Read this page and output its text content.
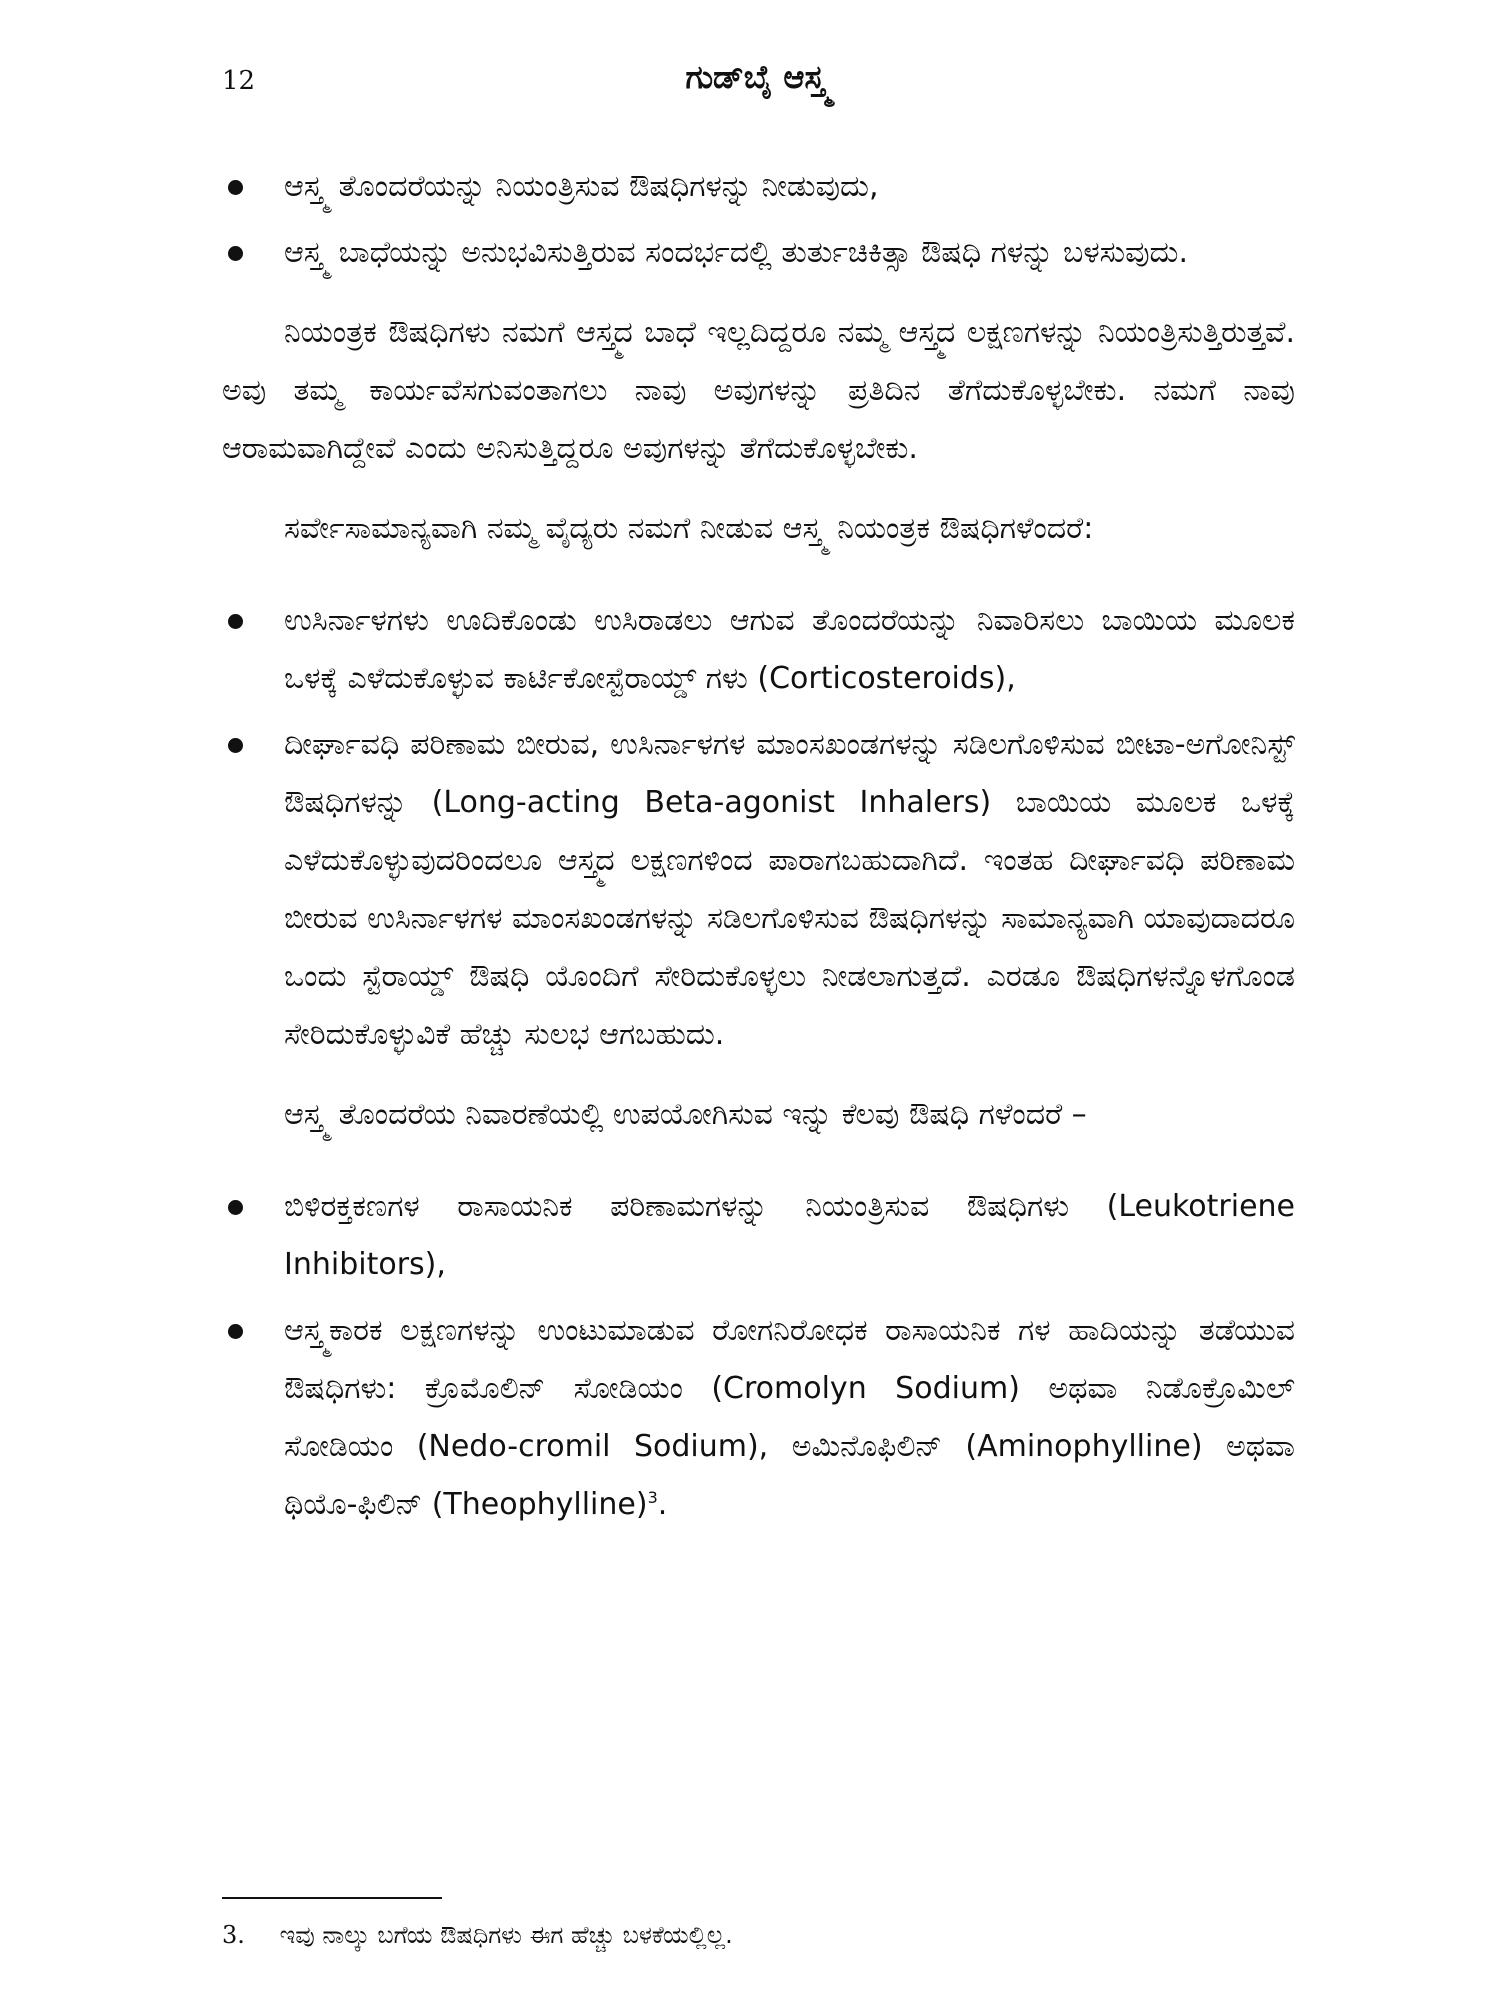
12	ಗುಡ್‌ಬೈ ಆಸ್ತ್ಮ
ಆಸ್ತ್ಮ ತೊಂದರೆಯನ್ನು ನಿಯಂತ್ರಿಸುವ ಔಷಧಿಗಳನ್ನು ನೀಡುವುದು,
ಆಸ್ತ್ಮ ಬಾಧೆಯನ್ನು ಅನುಭವಿಸುತ್ತಿರುವ ಸಂದರ್ಭದಲ್ಲಿ ತುರ್ತುಚಿಕಿತ್ಸಾ ಔಷಧಿ ಗಳನ್ನು ಬಳಸುವುದು.

ನಿಯಂತ್ರಕ ಔಷಧಿಗಳು ನಮಗೆ ಆಸ್ತ್ಮದ ಬಾಧೆ ಇಲ್ಲದಿದ್ದರೂ ನಮ್ಮ ಆಸ್ತ್ಮದ ಲಕ್ಷಣಗಳನ್ನು ನಿಯಂತ್ರಿಸುತ್ತಿರುತ್ತವೆ. ಅವು ತಮ್ಮ ಕಾರ್ಯವೆಸಗುವಂತಾಗಲು ನಾವು ಅವುಗಳನ್ನು ಪ್ರತಿದಿನ ತೆಗೆದುಕೊಳ್ಳಬೇಕು. ನಮಗೆ ನಾವು ಆರಾಮವಾಗಿದ್ದೇವೆ ಎಂದು ಅನಿಸುತ್ತಿದ್ದರೂ ಅವುಗಳನ್ನು ತೆಗೆದುಕೊಳ್ಳಬೇಕು.

ಸರ್ವೇಸಾಮಾನ್ಯವಾಗಿ ನಮ್ಮ ವೈದ್ಯರು ನಮಗೆ ನೀಡುವ ಆಸ್ತ್ಮ ನಿಯಂತ್ರಕ ಔಷಧಿಗಳೆಂದರೆ:

ಉಸಿರ್ನಾಳಗಳು ಊದಿಕೊಂಡು ಉಸಿರಾಡಲು ಆಗುವ ತೊಂದರೆಯನ್ನು ನಿವಾರಿಸಲು ಬಾಯಿಯ ಮೂಲಕ ಒಳಕ್ಕೆ ಎಳೆದುಕೊಳ್ಳುವ ಕಾರ್ಟಿಕೋಸ್ಟೆರಾಯ್ಡ್ ಗಳು (Corticosteroids),
ದೀರ್ಘಾವಧಿ ಪರಿಣಾಮ ಬೀರುವ, ಉಸಿರ್ನಾಳಗಳ ಮಾಂಸಖಂಡಗಳನ್ನು ಸಡಿಲಗೊಳಿಸುವ ಬೀಟಾ-ಅಗೋನಿಸ್ಟ್ ಔಷಧಿಗಳನ್ನು (Long-acting Beta-agonist Inhalers) ಬಾಯಿಯ ಮೂಲಕ ಒಳಕ್ಕೆ ಎಳೆದುಕೊಳ್ಳುವುದರಿಂದಲೂ ಆಸ್ತ್ಮದ ಲಕ್ಷಣಗಳಿಂದ ಪಾರಾಗಬಹುದಾಗಿದೆ. ಇಂತಹ ದೀರ್ಘಾವಧಿ ಪರಿಣಾಮ ಬೀರುವ ಉಸಿರ್ನಾಳಗಳ ಮಾಂಸಖಂಡಗಳನ್ನು ಸಡಿಲಗೊಳಿಸುವ ಔಷಧಿಗಳನ್ನು ಸಾಮಾನ್ಯವಾಗಿ ಯಾವುದಾದರೂ ಒಂದು ಸ್ಟೆರಾಯ್ಡ್ ಔಷಧಿ ಯೊಂದಿಗೆ ಸೇರಿದುಕೊಳ್ಳಲು ನೀಡಲಾಗುತ್ತದೆ. ಎರಡೂ ಔಷಧಿಗಳನ್ನೊಳಗೊಂಡ ಸೇರಿದುಕೊಳ್ಳುವಿಕೆ ಹೆಚ್ಚು ಸುಲಭ ಆಗಬಹುದು.

ಆಸ್ತ್ಮ ತೊಂದರೆಯ ನಿವಾರಣೆಯಲ್ಲಿ ಉಪಯೋಗಿಸುವ ಇನ್ನು ಕೆಲವು ಔಷಧಿ ಗಳೆಂದರೆ –

ಬಿಳಿರಕ್ತಕಣಗಳ ರಾಸಾಯನಿಕ ಪರಿಣಾಮಗಳನ್ನು ನಿಯಂತ್ರಿಸುವ ಔಷಧಿಗಳು (Leukotriene Inhibitors),
ಆಸ್ತ್ಮಕಾರಕ ಲಕ್ಷಣಗಳನ್ನು ಉಂಟುಮಾಡುವ ರೋಗನಿರೋಧಕ ರಾಸಾಯನಿಕ ಗಳ ಹಾದಿಯನ್ನು ತಡೆಯುವ ಔಷಧಿಗಳು: ಕ್ರೊಮೊಲಿನ್ ಸೋಡಿಯಂ (Cromolyn Sodium) ಅಥವಾ ನಿಡೊಕ್ರೊಮಿಲ್ ಸೋಡಿಯಂ (Nedo-cromil Sodium), ಅಮಿನೊಫಿಲಿನ್ (Aminophylline) ಅಥವಾ ಥಿಯೊ-ಫಿಲಿನ್ (Theophylline)$^3$.
3. ಇವು ನಾಲ್ಕು ಬಗೆಯ ಔಷಧಿಗಳು ಈಗ ಹೆಚ್ಚು ಬಳಕೆಯಲ್ಲಿಲ್ಲ.
